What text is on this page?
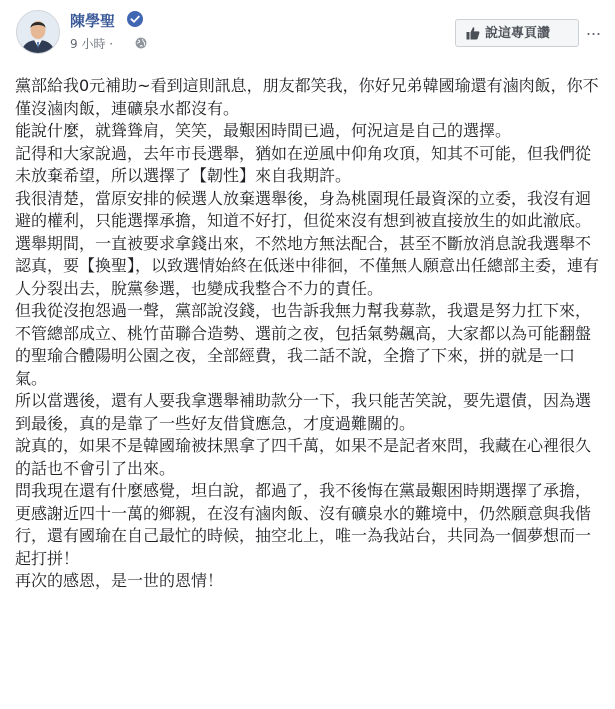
陳學聖
9 小時 ·
說這專頁讚	···

黨部給我0元補助~看到這則訊息，朋友都笑我，你好兄弟韓國瑜還有滷肉飯，你不僅沒滷肉飯，連礦泉水都沒有。

能說什麼，就聳聳肩，笑笑，最艱困時間已過，何況這是自己的選擇。

記得和大家說過，去年市長選舉，猶如在逆風中仰角攻頂，知其不可能，但我們從未放棄希望，所以選擇了【韌性】來自我期許。

我很清楚，當原安排的候選人放棄選舉後，身為桃園現任最資深的立委，我沒有迴避的權利，只能選擇承擔，知道不好打，但從來沒有想到被直接放生的如此澈底。

選舉期間，一直被要求拿錢出來，不然地方無法配合，甚至不斷放消息說我選舉不認真，要【換聖】，以致選情始終在低迷中徘徊，不僅無人願意出任總部主委，連有人分裂出去，脫黨參選，也變成我整合不力的責任。

但我從沒抱怨過一聲，黨部說沒錢，也告訴我無力幫我募款，我還是努力扛下來，不管總部成立、桃竹苗聯合造勢、選前之夜，包括氣勢飆高，大家都以為可能翻盤的聖瑜合體陽明公園之夜，全部經費，我二話不說，全擔了下來，拼的就是一口氣。

所以當選後，還有人要我拿選舉補助款分一下，我只能苦笑說，要先還債，因為選到最後，真的是靠了一些好友借貸應急，才度過難關的。

說真的，如果不是韓國瑜被抹黑拿了四千萬，如果不是記者來問，我藏在心裡很久的話也不會引了出來。

問我現在還有什麼感覺，坦白說，都過了，我不後悔在黨最艱困時期選擇了承擔，更感謝近四十一萬的鄉親，在沒有滷肉飯、沒有礦泉水的難境中，仍然願意與我偕行，還有國瑜在自己最忙的時候，抽空北上，唯一為我站台，共同為一個夢想而一起打拼！

再次的感恩，是一世的恩情！
